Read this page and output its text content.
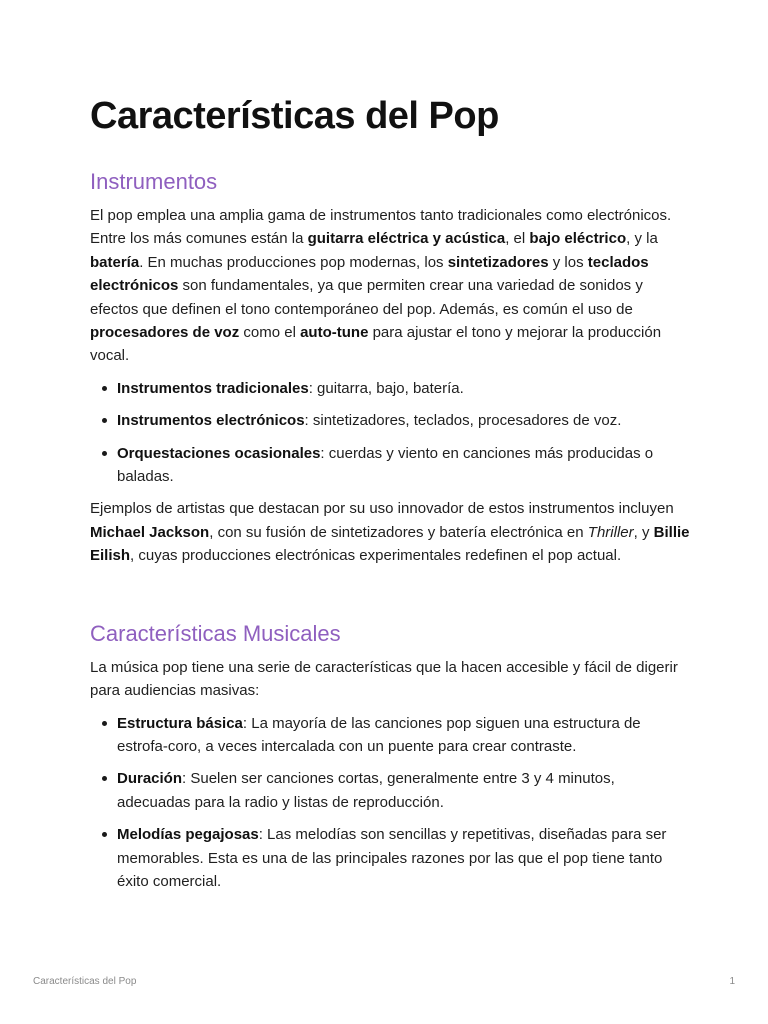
Características del Pop
Instrumentos

El pop emplea una amplia gama de instrumentos tanto tradicionales como electrónicos. Entre los más comunes están la guitarra eléctrica y acústica, el bajo eléctrico, y la batería. En muchas producciones pop modernas, los sintetizadores y los teclados electrónicos son fundamentales, ya que permiten crear una variedad de sonidos y efectos que definen el tono contemporáneo del pop. Además, es común el uso de procesadores de voz como el auto-tune para ajustar el tono y mejorar la producción vocal.

Instrumentos tradicionales: guitarra, bajo, batería.
Instrumentos electrónicos: sintetizadores, teclados, procesadores de voz.
Orquestaciones ocasionales: cuerdas y viento en canciones más producidas o baladas.

Ejemplos de artistas que destacan por su uso innovador de estos instrumentos incluyen Michael Jackson, con su fusión de sintetizadores y batería electrónica en Thriller, y Billie Eilish, cuyas producciones electrónicas experimentales redefinen el pop actual.

Características Musicales

La música pop tiene una serie de características que la hacen accesible y fácil de digerir para audiencias masivas:

Estructura básica: La mayoría de las canciones pop siguen una estructura de estrofa-coro, a veces intercalada con un puente para crear contraste.
Duración: Suelen ser canciones cortas, generalmente entre 3 y 4 minutos, adecuadas para la radio y listas de reproducción.
Melodías pegajosas: Las melodías son sencillas y repetitivas, diseñadas para ser memorables. Esta es una de las principales razones por las que el pop tiene tanto éxito comercial.
Características del Pop	1
